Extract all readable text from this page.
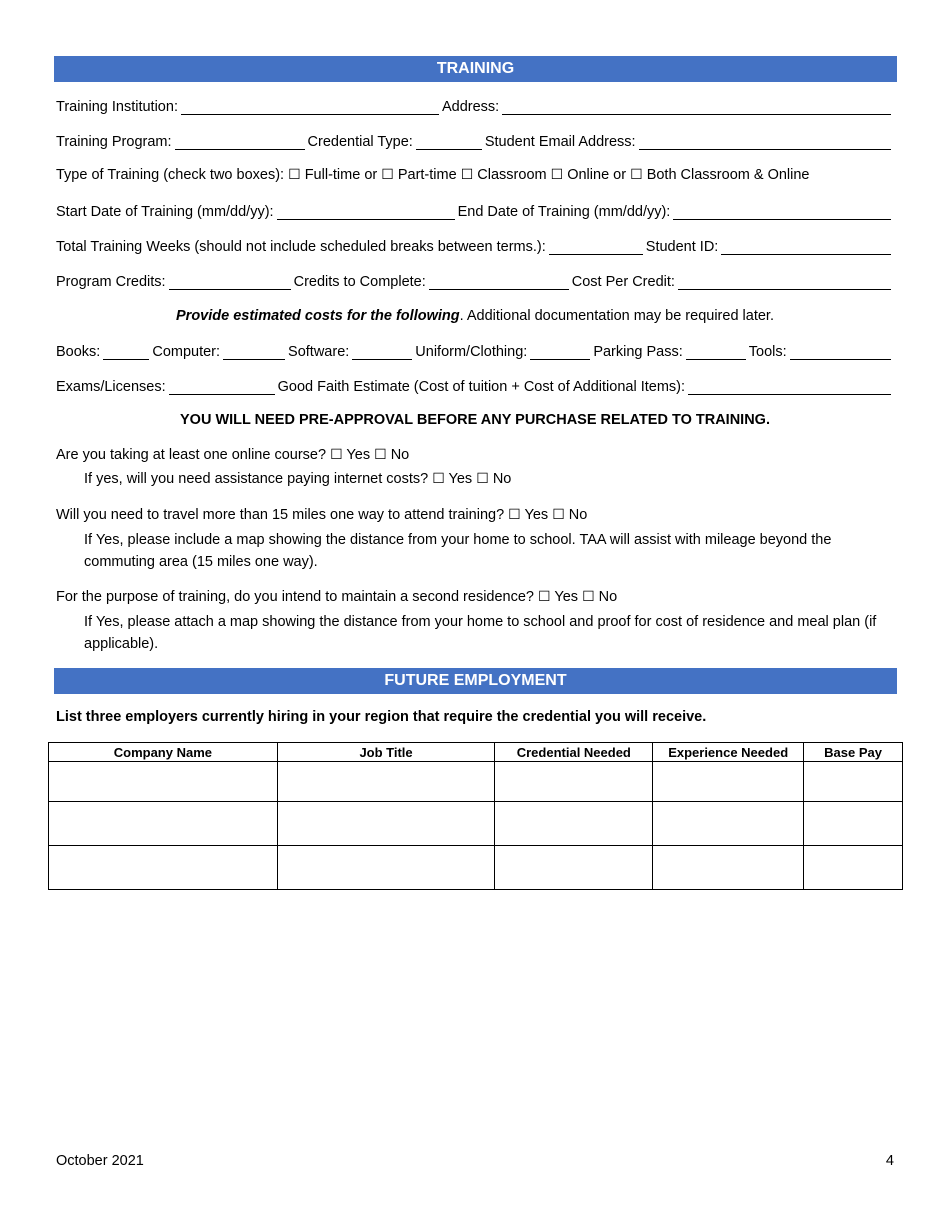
TRAINING
Training Institution:	Address:
Training Program:	Credential Type:	Student Email Address:
Type of Training (check two boxes): ☐ Full-time or ☐ Part-time ☐ Classroom ☐ Online or ☐ Both Classroom & Online
Start Date of Training (mm/dd/yy):	End Date of Training (mm/dd/yy):
Total Training Weeks (should not include scheduled breaks between terms.):	Student ID:
Program Credits:	Credits to Complete:	Cost Per Credit:
Provide estimated costs for the following. Additional documentation may be required later.
Books:	Computer:	Software:	Uniform/Clothing:	Parking Pass:	Tools:
Exams/Licenses:	Good Faith Estimate (Cost of tuition + Cost of Additional Items):
YOU WILL NEED PRE-APPROVAL BEFORE ANY PURCHASE RELATED TO TRAINING.
Are you taking at least one online course? ☐ Yes ☐ No
If yes, will you need assistance paying internet costs? ☐ Yes ☐ No
Will you need to travel more than 15 miles one way to attend training? ☐ Yes ☐ No
If Yes, please include a map showing the distance from your home to school. TAA will assist with mileage beyond the commuting area (15 miles one way).
For the purpose of training, do you intend to maintain a second residence? ☐ Yes ☐ No
If Yes, please attach a map showing the distance from your home to school and proof for cost of residence and meal plan (if applicable).
FUTURE EMPLOYMENT
List three employers currently hiring in your region that require the credential you will receive.
Company Name	Job Title	Credential Needed	Experience Needed	Base Pay

October 2021	4
